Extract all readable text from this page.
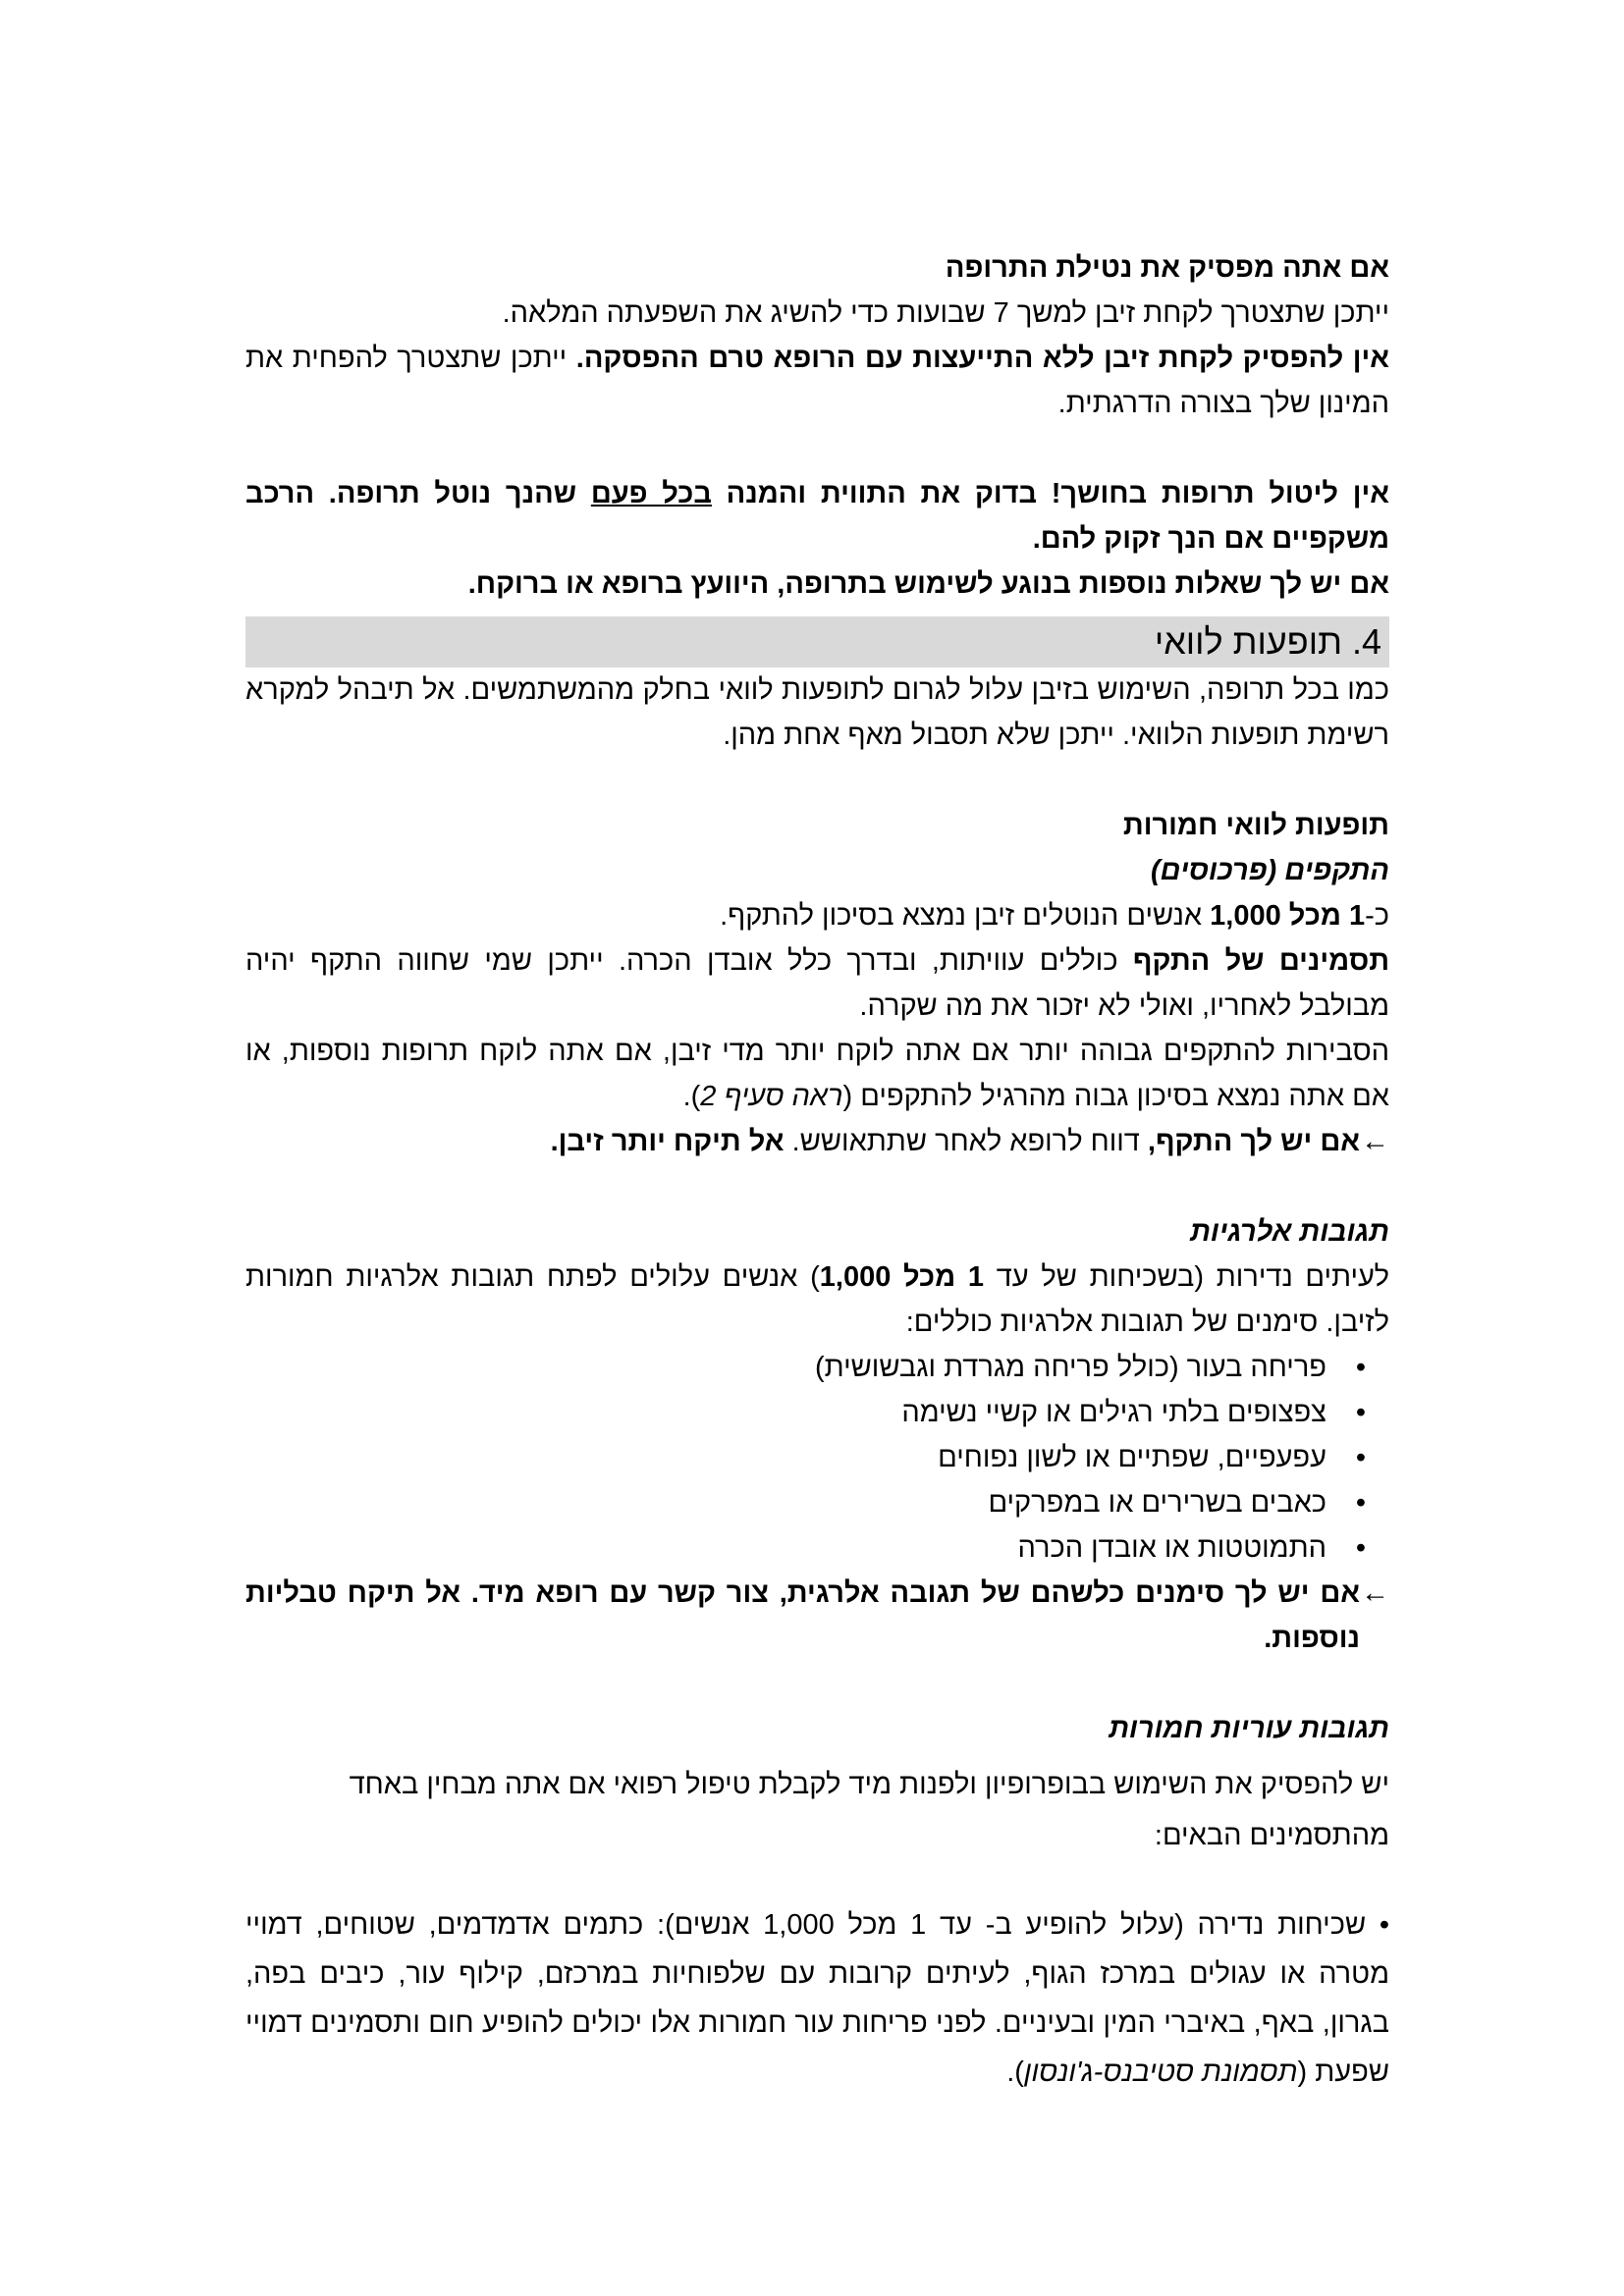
אם אתה מפסיק את נטילת התרופה

ייתכן שתצטרך לקחת זיבן למשך 7 שבועות כדי להשיג את השפעתה המלאה.

אין להפסיק לקחת זיבן ללא התייעצות עם הרופא טרם ההפסקה. ייתכן שתצטרך להפחית את המינון שלך בצורה הדרגתית.

אין ליטול תרופות בחושך! בדוק את התווית והמנה בכל פעם שהנך נוטל תרופה. הרכב משקפיים אם הנך זקוק להם.

אם יש לך שאלות נוספות בנוגע לשימוש בתרופה, היוועץ ברופא או ברוקח.

4. תופעות לוואי

כמו בכל תרופה, השימוש בזיבן עלול לגרום לתופעות לוואי בחלק מהמשתמשים. אל תיבהל למקרא רשימת תופעות הלוואי. ייתכן שלא תסבול מאף אחת מהן.

תופעות לוואי חמורות

התקפים (פרכוסים)

כ-1 מכל 1,000 אנשים הנוטלים זיבן נמצא בסיכון להתקף.

תסמינים של התקף כוללים עוויתות, ובדרך כלל אובדן הכרה. ייתכן שמי שחווה התקף יהיה מבולבל לאחריו, ואולי לא יזכור את מה שקרה.

הסבירות להתקפים גבוהה יותר אם אתה לוקח יותר מדי זיבן, אם אתה לוקח תרופות נוספות, או אם אתה נמצא בסיכון גבוה מהרגיל להתקפים (ראה סעיף 2).

←
אם יש לך התקף, דווח לרופא לאחר שתתאושש. אל תיקח יותר זיבן.

תגובות אלרגיות

לעיתים נדירות (בשכיחות של עד 1 מכל 1,000) אנשים עלולים לפתח תגובות אלרגיות חמורות לזיבן. סימנים של תגובות אלרגיות כוללים:

•
פריחה בעור (כולל פריחה מגרדת וגבשושית)
•
צפצופים בלתי רגילים או קשיי נשימה
•
עפעפיים, שפתיים או לשון נפוחים
•
כאבים בשרירים או במפרקים
•
התמוטטות או אובדן הכרה

←
אם יש לך סימנים כלשהם של תגובה אלרגית, צור קשר עם רופא מיד. אל תיקח טבליות נוספות.

תגובות עוריות חמורות

יש להפסיק את השימוש בבופרופיון ולפנות מיד לקבלת טיפול רפואי אם אתה מבחין באחד מהתסמינים הבאים:

• שכיחות נדירה (עלול להופיע ב- עד 1 מכל 1,000 אנשים): כתמים אדמדמים, שטוחים, דמויי מטרה או עגולים במרכז הגוף, לעיתים קרובות עם שלפוחיות במרכזם, קילוף עור, כיבים בפה, בגרון, באף, באיברי המין ובעיניים. לפני פריחות עור חמורות אלו יכולים להופיע חום ותסמינים דמויי שפעת (תסמונת סטיבנס-ג'ונסון).
